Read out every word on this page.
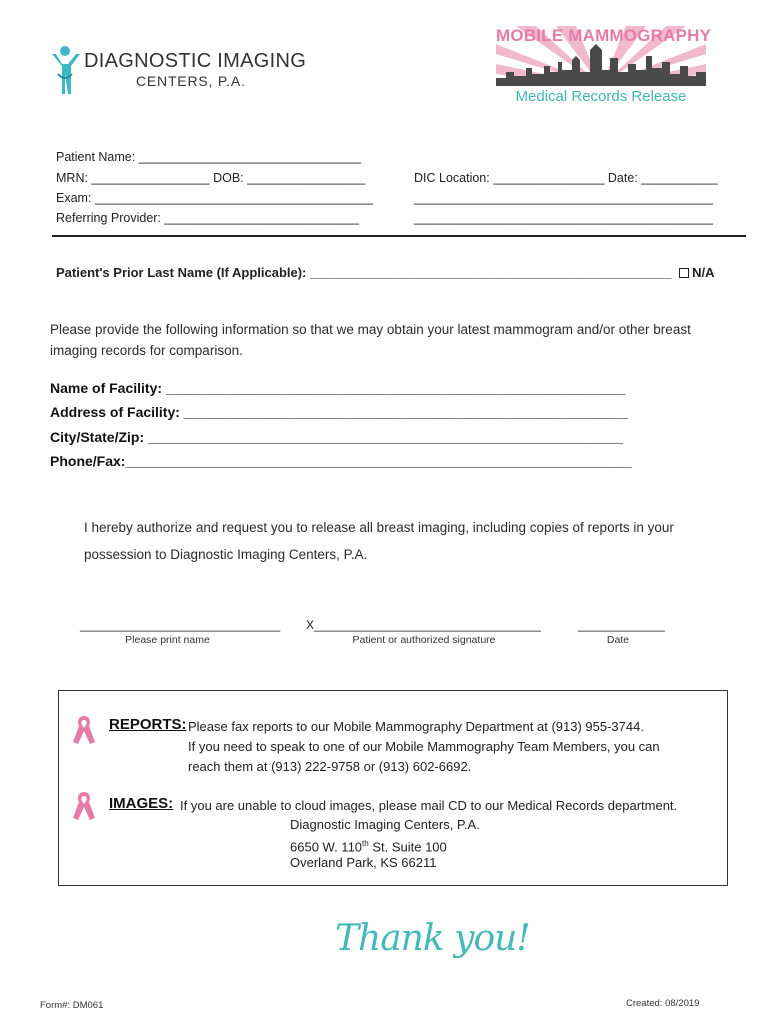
DIAGNOSTIC IMAGING
CENTERS, P.A.
MOBILE MAMMOGRAPHY
Medical Records Release
Patient Name: ________________________________
MRN: _________________ DOB: _________________
Exam: ________________________________________
Referring Provider: ____________________________
DIC Location: ________________ Date: ___________
___________________________________________
___________________________________________
Patient's Prior Last Name (If Applicable): __________________________________________________ N/A
Please provide the following information so that we may obtain your latest mammogram and/or other breast
imaging records for comparison.
Name of Facility: ___________________________________________________________
Address of Facility: _________________________________________________________
City/State/Zip: _____________________________________________________________
Phone/Fax:_________________________________________________________________
I hereby authorize and request you to release all breast imaging, including copies of reports in your
possession to Diagnostic Imaging Centers, P.A.
______________________________
Please print name
X__________________________________
Patient or authorized signature
_____________
Date
REPORTS: Please fax reports to our Mobile Mammography Department at (913) 955-3744.
If you need to speak to one of our Mobile Mammography Team Members, you can
reach them at (913) 222-9758 or (913) 602-6692.
IMAGES: If you are unable to cloud images, please mail CD to our Medical Records department.
Diagnostic Imaging Centers, P.A.
6650 W. 110th St. Suite 100
Overland Park, KS 66211
Thank you!
Form#: DM061	Created: 08/2019
